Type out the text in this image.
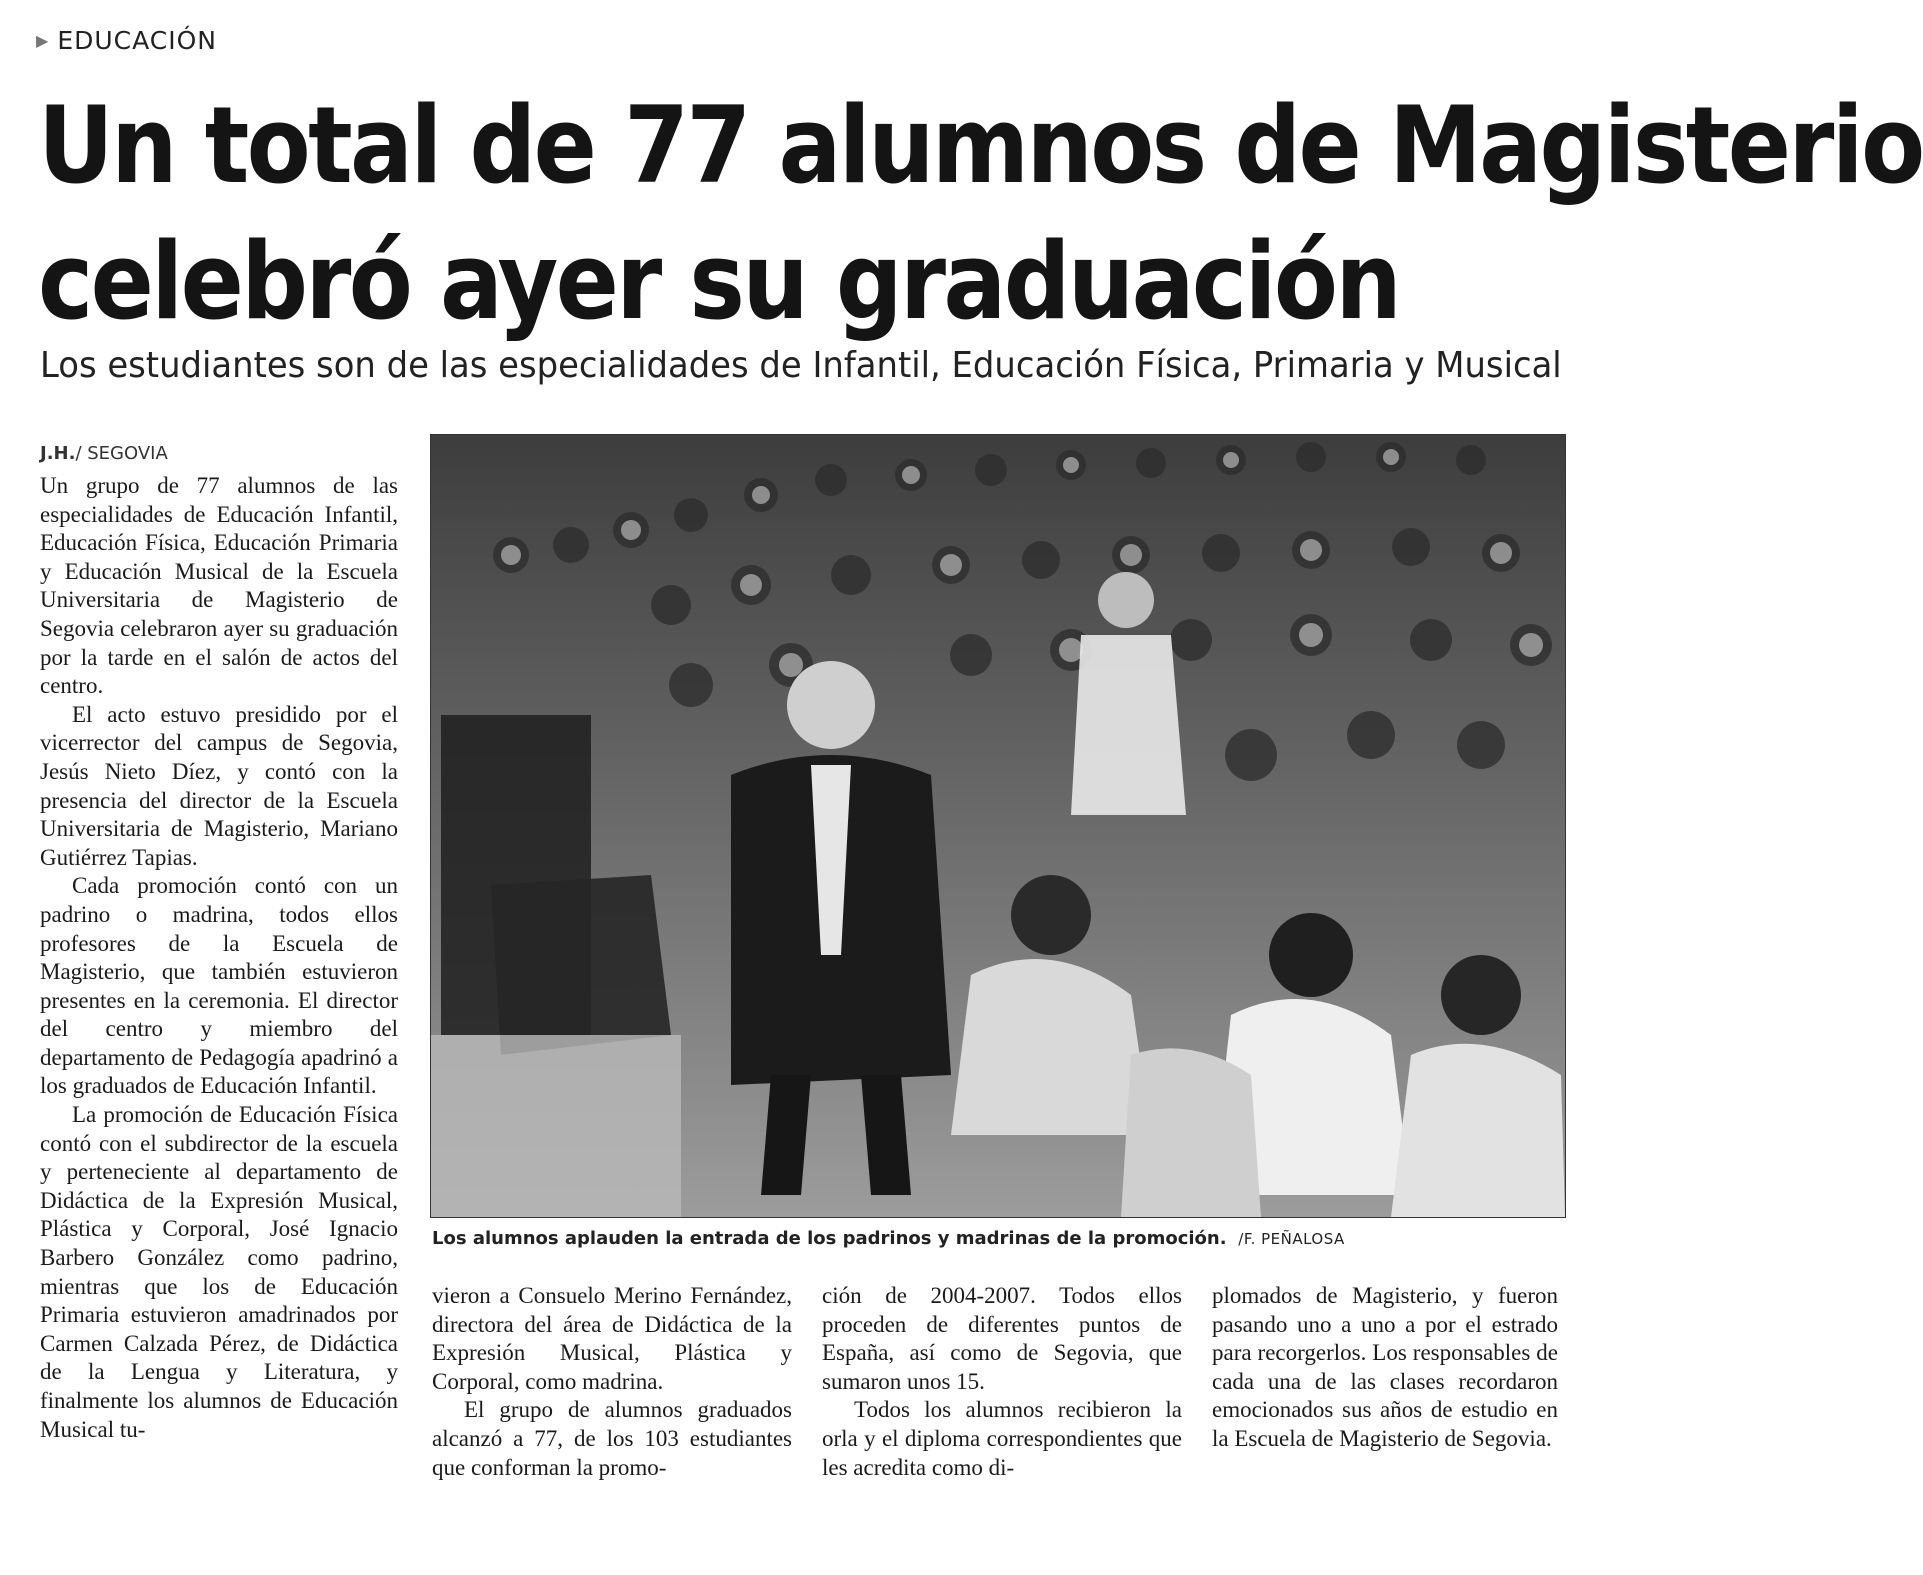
▶ EDUCACIÓN
Un total de 77 alumnos de Magisterio
celebró ayer su graduación
Los estudiantes son de las especialidades de Infantil, Educación Física, Primaria y Musical
J.H./ SEGOVIA

Un grupo de 77 alumnos de las especialidades de Educación Infantil, Educación Física, Educación Primaria y Educación Musical de la Escuela Universitaria de Magisterio de Segovia celebraron ayer su graduación por la tarde en el salón de actos del centro.

El acto estuvo presidido por el vicerrector del campus de Segovia, Jesús Nieto Díez, y contó con la presencia del director de la Escuela Universitaria de Magisterio, Mariano Gutiérrez Tapias.

Cada promoción contó con un padrino o madrina, todos ellos profesores de la Escuela de Magisterio, que también estuvieron presentes en la ceremonia. El director del centro y miembro del departamento de Pedagogía apadrinó a los graduados de Educación Infantil.

La promoción de Educación Física contó con el subdirector de la escuela y perteneciente al departamento de Didáctica de la Expresión Musical, Plástica y Corporal, José Ignacio Barbero González como padrino, mientras que los de Educación Primaria estuvieron amadrinados por Carmen Calzada Pérez, de Didáctica de la Lengua y Literatura, y finalmente los alumnos de Educación Musical tu-

Los alumnos aplauden la entrada de los padrinos y madrinas de la promoción. /F. PEÑALOSA

vieron a Consuelo Merino Fernández, directora del área de Didáctica de la Expresión Musical, Plástica y Corporal, como madrina.

El grupo de alumnos graduados alcanzó a 77, de los 103 estudiantes que conforman la promo-

ción de 2004-2007. Todos ellos proceden de diferentes puntos de España, así como de Segovia, que sumaron unos 15.

Todos los alumnos recibieron la orla y el diploma correspondientes que les acredita como di-

plomados de Magisterio, y fueron pasando uno a uno a por el estrado para recorgerlos. Los responsables de cada una de las clases recordaron emocionados sus años de estudio en la Escuela de Magisterio de Segovia.
